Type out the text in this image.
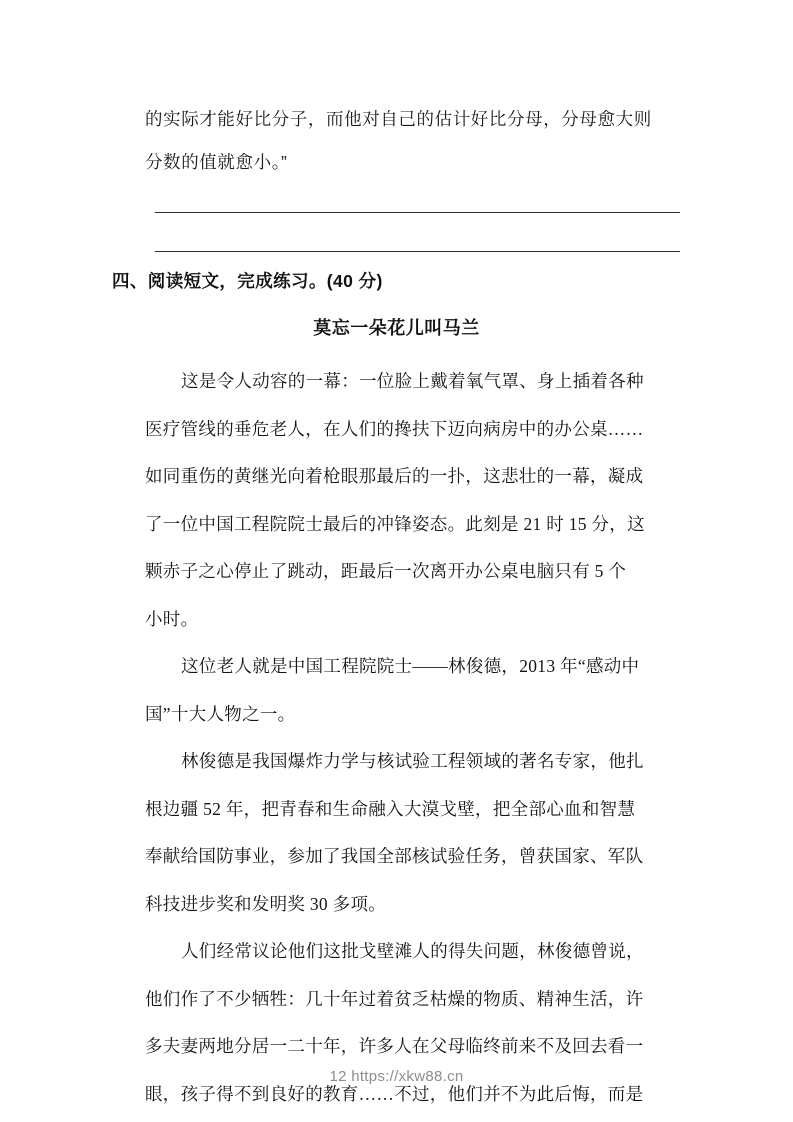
的实际才能好比分子，而他对自己的估计好比分母，分母愈大则
分数的值就愈小。”
四、阅读短文，完成练习。(40 分)
莫忘一朵花儿叫马兰
这是令人动容的一幕：一位脸上戴着氧气罩、身上插着各种
医疗管线的垂危老人，在人们的搀扶下迈向病房中的办公桌……
如同重伤的黄继光向着枪眼那最后的一扑，这悲壮的一幕，凝成
了一位中国工程院院士最后的冲锋姿态。此刻是 21 时 15 分，这
颗赤子之心停止了跳动，距最后一次离开办公桌电脑只有 5 个
小时。
这位老人就是中国工程院院士——林俊德，2013 年“感动中
国”十大人物之一。
林俊德是我国爆炸力学与核试验工程领域的著名专家，他扎
根边疆 52 年，把青春和生命融入大漠戈壁，把全部心血和智慧
奉献给国防事业，参加了我国全部核试验任务，曾获国家、军队
科技进步奖和发明奖 30 多项。
人们经常议论他们这批戈壁滩人的得失问题，林俊德曾说，
他们作了不少牺牲：几十年过着贫乏枯燥的物质、精神生活，许
多夫妻两地分居一二十年，许多人在父母临终前来不及回去看一
眼，孩子得不到良好的教育……不过，他们并不为此后悔，而是
12 https://xkw88.cn
